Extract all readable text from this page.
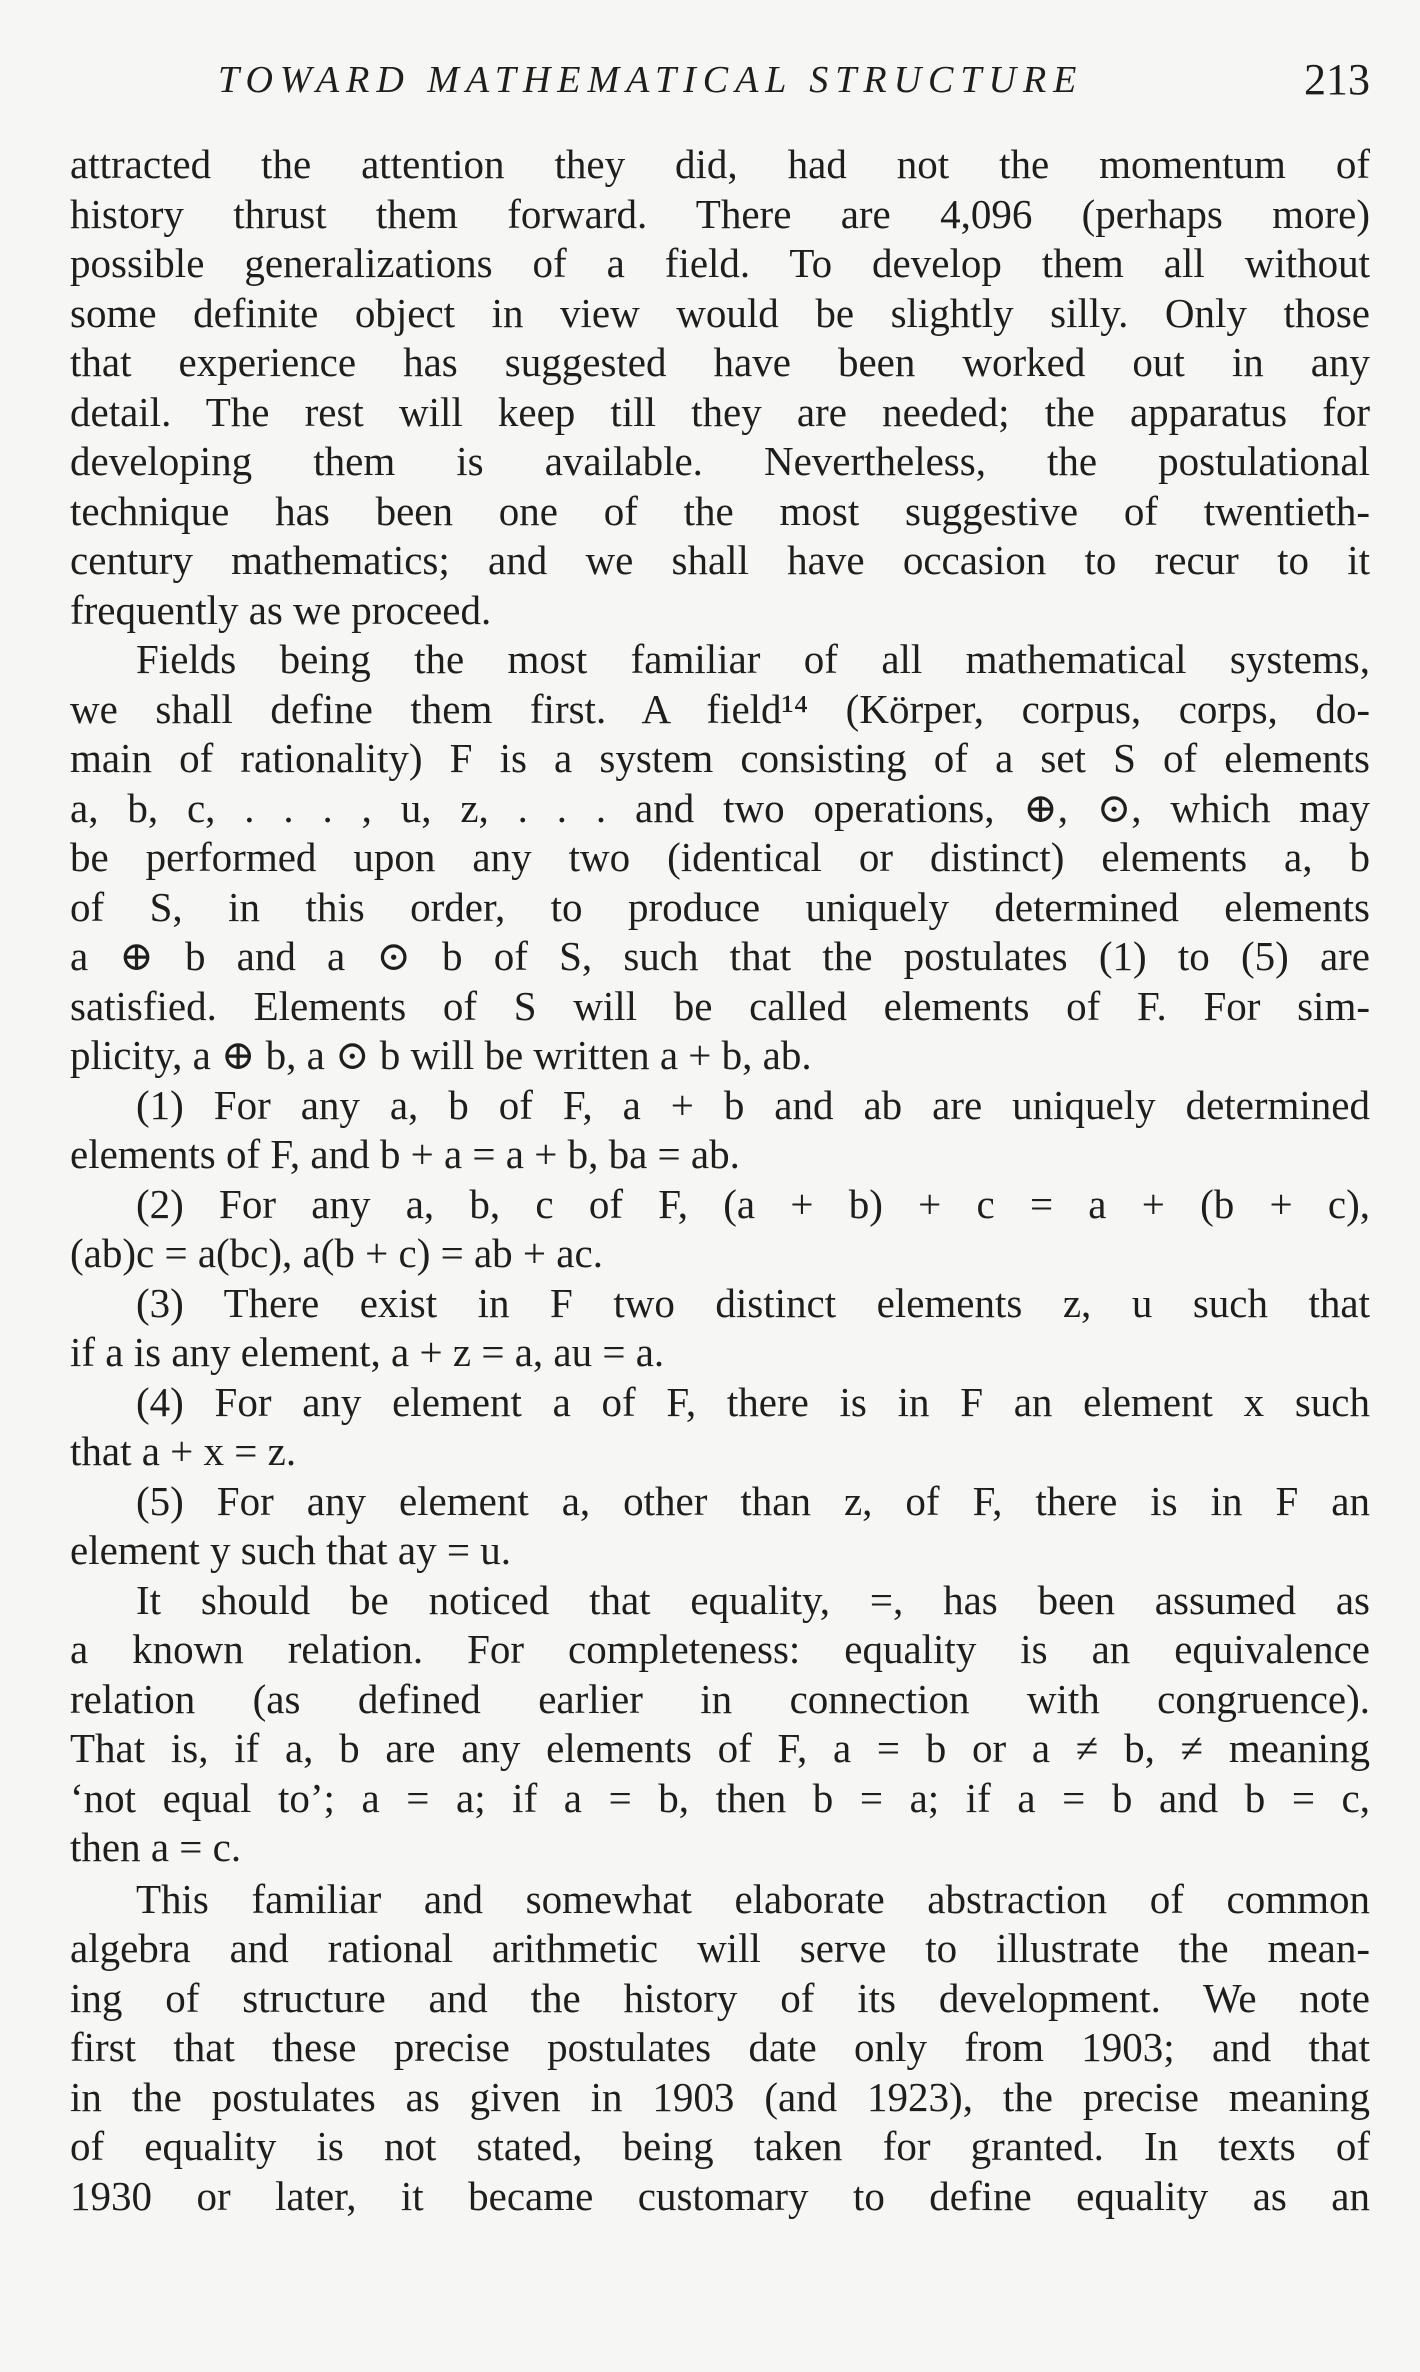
TOWARD MATHEMATICAL STRUCTURE	213
attracted the attention they did, had not the momentum of
history thrust them forward. There are 4,096 (perhaps more)
possible generalizations of a field. To develop them all without
some definite object in view would be slightly silly. Only those
that experience has suggested have been worked out in any
detail. The rest will keep till they are needed; the apparatus for
developing them is available. Nevertheless, the postulational
technique has been one of the most suggestive of twentieth-
century mathematics; and we shall have occasion to recur to it
frequently as we proceed.
Fields being the most familiar of all mathematical systems,
we shall define them first. A field¹⁴ (Körper, corpus, corps, do-
main of rationality) F is a system consisting of a set S of elements
a, b, c, . . . , u, z, . . . and two operations, ⊕, ⊙, which may
be performed upon any two (identical or distinct) elements a, b
of S, in this order, to produce uniquely determined elements
a ⊕ b and a ⊙ b of S, such that the postulates (1) to (5) are
satisfied. Elements of S will be called elements of F. For sim-
plicity, a ⊕ b, a ⊙ b will be written a + b, ab.
(1) For any a, b of F, a + b and ab are uniquely determined
elements of F, and b + a = a + b, ba = ab.
(2) For any a, b, c of F, (a + b) + c = a + (b + c),
(ab)c = a(bc), a(b + c) = ab + ac.
(3) There exist in F two distinct elements z, u such that
if a is any element, a + z = a, au = a.
(4) For any element a of F, there is in F an element x such
that a + x = z.
(5) For any element a, other than z, of F, there is in F an
element y such that ay = u.
It should be noticed that equality, =, has been assumed as
a known relation. For completeness: equality is an equivalence
relation (as defined earlier in connection with congruence).
That is, if a, b are any elements of F, a = b or a ≠ b, ≠ meaning
‘not equal to’; a = a; if a = b, then b = a; if a = b and b = c,
then a = c.
This familiar and somewhat elaborate abstraction of common
algebra and rational arithmetic will serve to illustrate the mean-
ing of structure and the history of its development. We note
first that these precise postulates date only from 1903; and that
in the postulates as given in 1903 (and 1923), the precise meaning
of equality is not stated, being taken for granted. In texts of
1930 or later, it became customary to define equality as an
